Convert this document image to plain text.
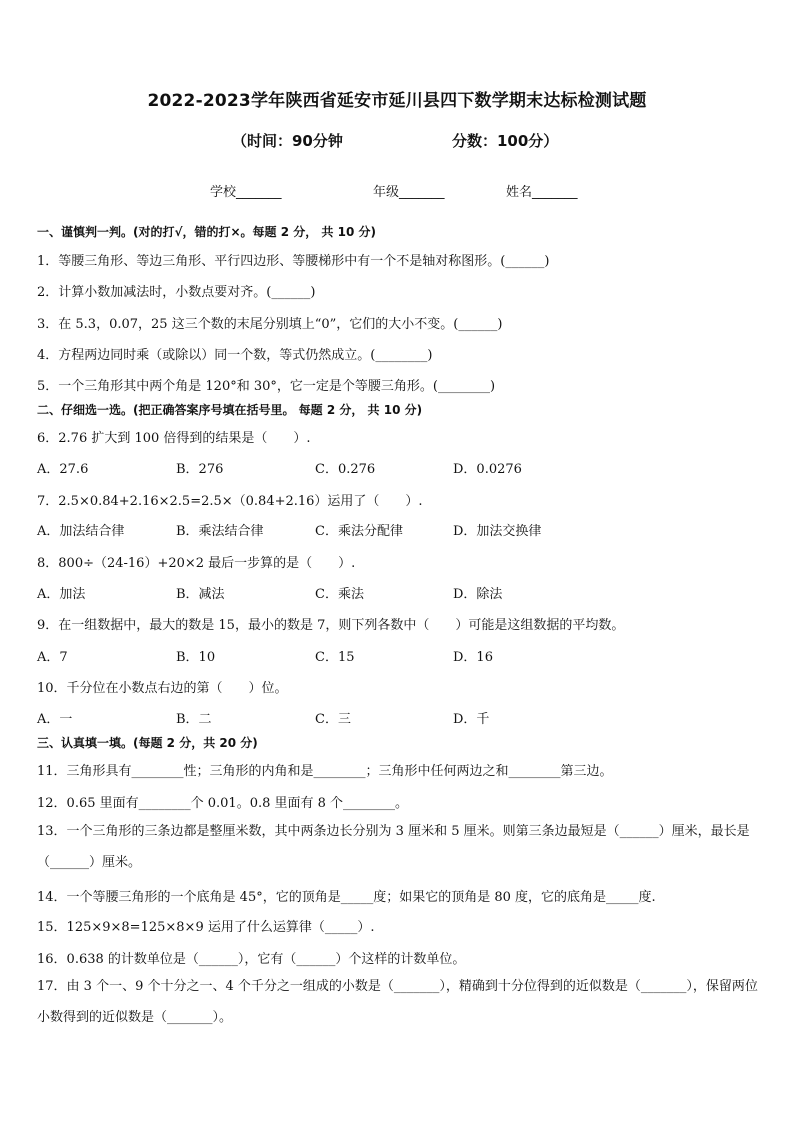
2022-2023学年陕西省延安市延川县四下数学期末达标检测试题
（时间：90分钟	分数：100分）
学校_______	年级_______	姓名_______
一、谨慎判一判。(对的打√，错的打×。每题 2 分， 共 10 分)
1．等腰三角形、等边三角形、平行四边形、等腰梯形中有一个不是轴对称图形。(______)
2．计算小数加减法时，小数点要对齐。(______)
3．在 5.3，0.07，25 这三个数的末尾分别填上“0”，它们的大小不变。(______)
4．方程两边同时乘（或除以）同一个数，等式仍然成立。(________)
5．一个三角形其中两个角是 120°和 30°，它一定是个等腰三角形。(________)
二、仔细选一选。(把正确答案序号填在括号里。 每题 2 分， 共 10 分)
6．2.76 扩大到 100 倍得到的结果是（　　）.
A．27.6	B．276	C．0.276	D．0.0276
7．2.5×0.84+2.16×2.5=2.5×（0.84+2.16）运用了（　　）.
A．加法结合律	B．乘法结合律	C．乘法分配律	D．加法交换律
8．800÷（24-16）+20×2 最后一步算的是（　　）.
A．加法	B．减法	C．乘法	D．除法
9．在一组数据中，最大的数是 15，最小的数是 7，则下列各数中（　　）可能是这组数据的平均数。
A．7	B．10	C．15	D．16
10．千分位在小数点右边的第（　　）位。
A．一	B．二	C．三	D．千
三、认真填一填。(每题 2 分，共 20 分)
11．三角形具有________性；三角形的内角和是________；三角形中任何两边之和________第三边。
12．0.65 里面有________个 0.01。0.8 里面有 8 个________。
13．一个三角形的三条边都是整厘米数，其中两条边长分别为 3 厘米和 5 厘米。则第三条边最短是（______）厘米，最长是（______）厘米。
14．一个等腰三角形的一个底角是 45°，它的顶角是_____度；如果它的顶角是 80 度，它的底角是_____度.
15．125×9×8=125×8×9 运用了什么运算律（_____）.
16．0.638 的计数单位是（______），它有（______）个这样的计数单位。
17．由 3 个一、9 个十分之一、4 个千分之一组成的小数是（_______），精确到十分位得到的近似数是（_______），保留两位小数得到的近似数是（_______）。
